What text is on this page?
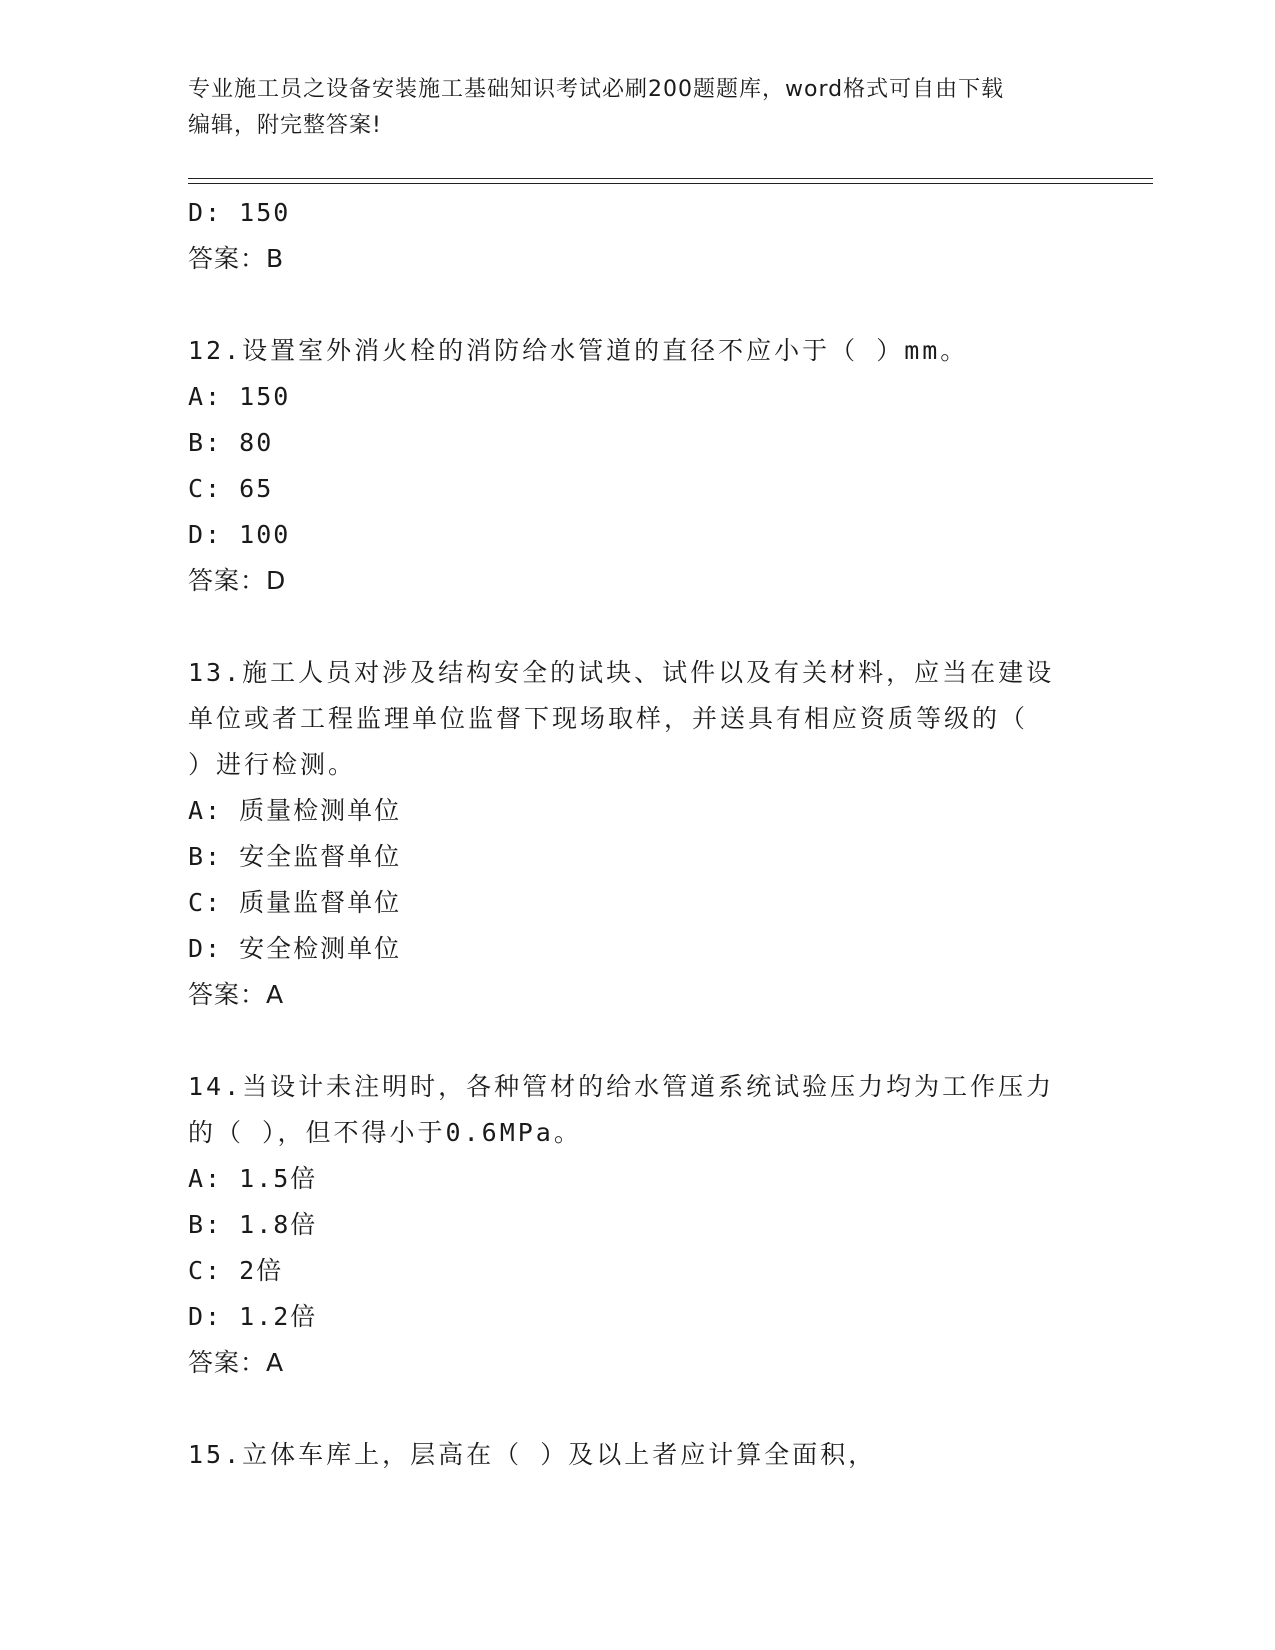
专业施工员之设备安装施工基础知识考试必刷200题题库，word格式可自由下载
编辑，附完整答案!
D: 150
答案：B
12.设置室外消火栓的消防给水管道的直径不应小于（ ）mm。
A: 150
B: 80
C: 65
D: 100
答案：D
13.施工人员对涉及结构安全的试块、试件以及有关材料，应当在建设
单位或者工程监理单位监督下现场取样，并送具有相应资质等级的（
）进行检测。
A: 质量检测单位
B: 安全监督单位
C: 质量监督单位
D: 安全检测单位
答案：A
14.当设计未注明时，各种管材的给水管道系统试验压力均为工作压力
的（ ），但不得小于0.6MPa。
A: 1.5倍
B: 1.8倍
C: 2倍
D: 1.2倍
答案：A
15.立体车库上，层高在（ ）及以上者应计算全面积，
